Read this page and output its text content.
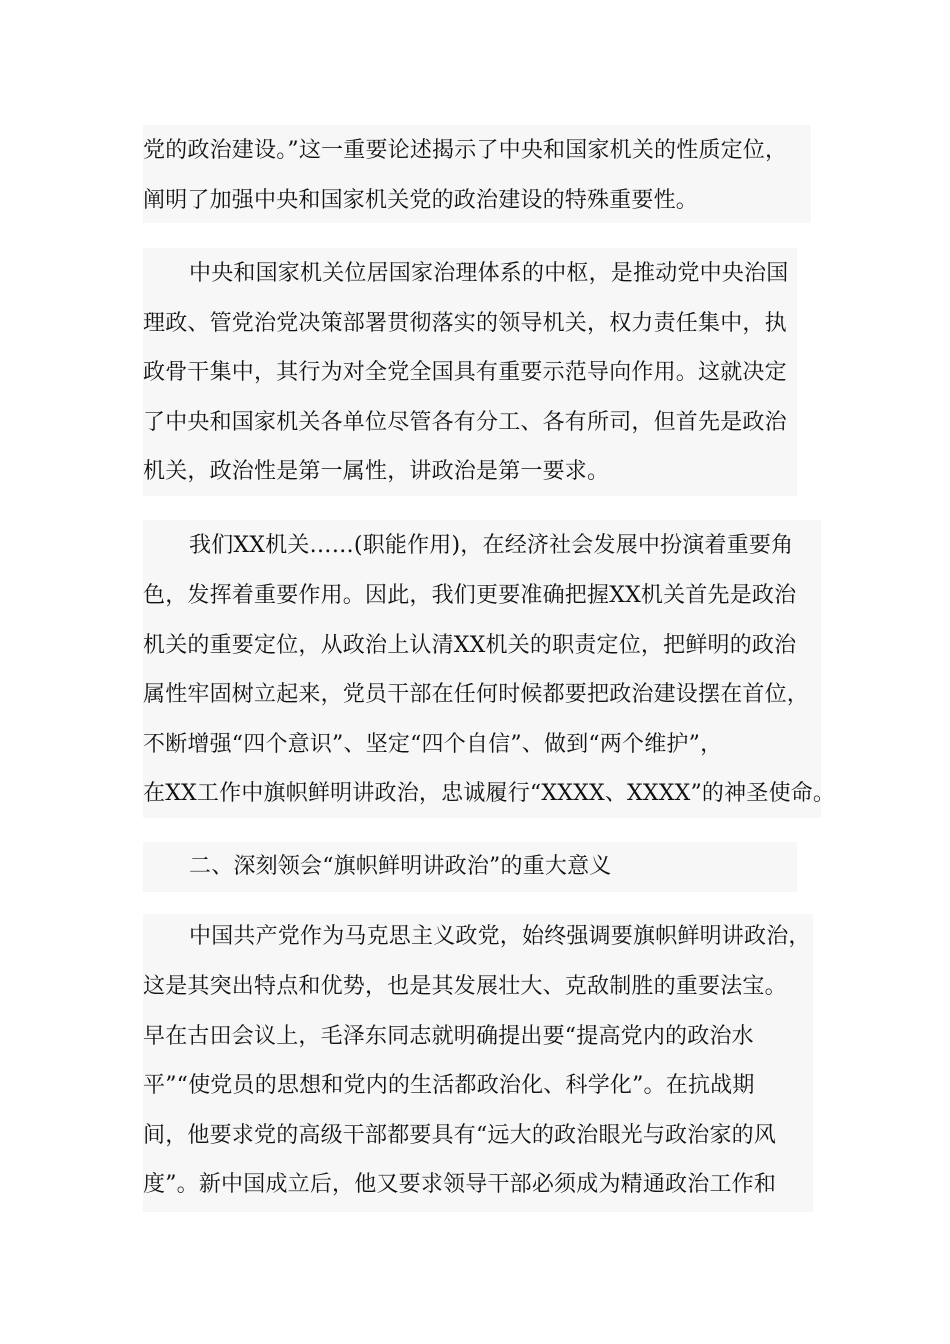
党的政治建设。”这一重要论述揭示了中央和国家机关的性质定位，
阐明了加强中央和国家机关党的政治建设的特殊重要性。
中央和国家机关位居国家治理体系的中枢，是推动党中央治国
理政、管党治党决策部署贯彻落实的领导机关，权力责任集中，执
政骨干集中，其行为对全党全国具有重要示范导向作用。这就决定
了中央和国家机关各单位尽管各有分工、各有所司，但首先是政治
机关，政治性是第一属性，讲政治是第一要求。
我们XX机关……(职能作用)，在经济社会发展中扮演着重要角
色，发挥着重要作用。因此，我们更要准确把握XX机关首先是政治
机关的重要定位，从政治上认清XX机关的职责定位，把鲜明的政治
属性牢固树立起来，党员干部在任何时候都要把政治建设摆在首位，
不断增强“四个意识”、坚定“四个自信”、做到“两个维护”，
在XX工作中旗帜鲜明讲政治，忠诚履行“XXXX、XXXX”的神圣使命。
二、深刻领会“旗帜鲜明讲政治”的重大意义
中国共产党作为马克思主义政党，始终强调要旗帜鲜明讲政治，
这是其突出特点和优势，也是其发展壮大、克敌制胜的重要法宝。
早在古田会议上，毛泽东同志就明确提出要“提高党内的政治水
平”“使党员的思想和党内的生活都政治化、科学化”。在抗战期
间，他要求党的高级干部都要具有“远大的政治眼光与政治家的风
度”。新中国成立后，他又要求领导干部必须成为精通政治工作和
